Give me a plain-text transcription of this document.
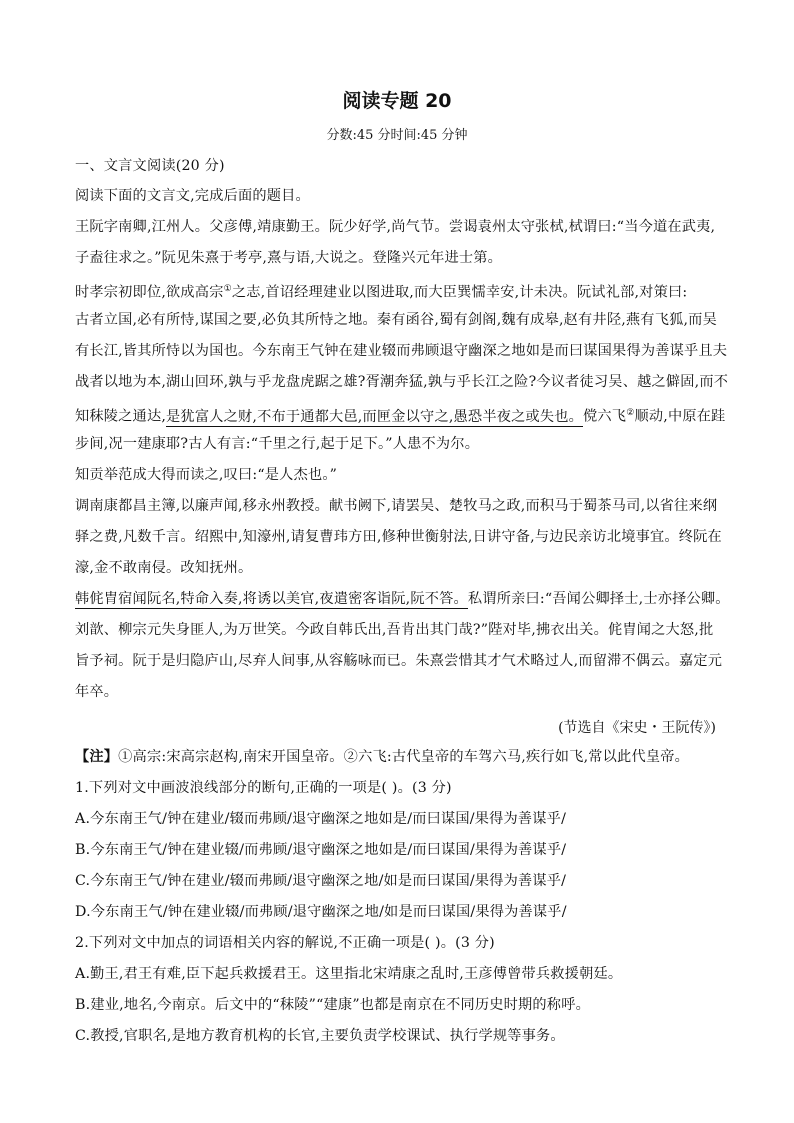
阅读专题 20
分数:45 分时间:45 分钟
一、文言文阅读(20 分)
阅读下面的文言文,完成后面的题目。
王阮字南卿,江州人。父彦傅,靖康勤王。阮少好学,尚气节。尝谒袁州太守张栻,栻谓曰:“当今道在武夷,
子盍往求之。”阮见朱熹于考亭,熹与语,大说之。登隆兴元年进士第。
时孝宗初即位,欲成高宗①之志,首诏经理建业以图进取,而大臣巽懦幸安,计未决。阮试礼部,对策曰:
古者立国,必有所恃,谋国之要,必负其所恃之地。秦有函谷,蜀有剑阁,魏有成皋,赵有井陉,燕有飞狐,而吴
有长江,皆其所恃以为国也。今东南王气钟在建业辍而弗顾退守幽深之地如是而曰谋国果得为善谋乎且夫
战者以地为本,湖山回环,孰与乎龙盘虎踞之雄?胥潮奔猛,孰与乎长江之险?今议者徒习吴、越之僻固,而不
知秣陵之通达,是犹富人之财,不布于通都大邑,而匣金以守之,愚恐半夜之或失也。傥六飞②顺动,中原在跬
步间,况一建康耶?古人有言:“千里之行,起于足下。”人患不为尔。
知贡举范成大得而读之,叹曰:“是人杰也。”
调南康都昌主簿,以廉声闻,移永州教授。献书阙下,请罢吴、楚牧马之政,而积马于蜀茶马司,以省往来纲
驿之费,凡数千言。绍熙中,知濠州,请复曹玮方田,修种世衡射法,日讲守备,与边民亲访北境事宜。终阮在
濠,金不敢南侵。改知抚州。
韩侂胄宿闻阮名,特命入奏,将诱以美官,夜遣密客诣阮,阮不答。私谓所亲曰:“吾闻公卿择士,士亦择公卿。
刘歆、柳宗元失身匪人,为万世笑。今政自韩氏出,吾肯出其门哉?”陛对毕,拂衣出关。侂胄闻之大怒,批
旨予祠。阮于是归隐庐山,尽弃人间事,从容觞咏而已。朱熹尝惜其才气术略过人,而留滞不偶云。嘉定元
年卒。
(节选自《宋史・王阮传》)
【注】①高宗:宋高宗赵构,南宋开国皇帝。②六飞:古代皇帝的车驾六马,疾行如飞,常以此代皇帝。
1.下列对文中画波浪线部分的断句,正确的一项是( )。(3 分)
A.今东南王气/钟在建业/辍而弗顾/退守幽深之地如是/而曰谋国/果得为善谋乎/
B.今东南王气/钟在建业辍/而弗顾/退守幽深之地如是/而曰谋国/果得为善谋乎/
C.今东南王气/钟在建业/辍而弗顾/退守幽深之地/如是而曰谋国/果得为善谋乎/
D.今东南王气/钟在建业辍/而弗顾/退守幽深之地/如是而曰谋国/果得为善谋乎/
2.下列对文中加点的词语相关内容的解说,不正确一项是( )。(3 分)
A.勤王,君王有难,臣下起兵救援君王。这里指北宋靖康之乱时,王彦傅曾带兵救援朝廷。
B.建业,地名,今南京。后文中的“秣陵”“建康”也都是南京在不同历史时期的称呼。
C.教授,官职名,是地方教育机构的长官,主要负责学校课试、执行学规等事务。
